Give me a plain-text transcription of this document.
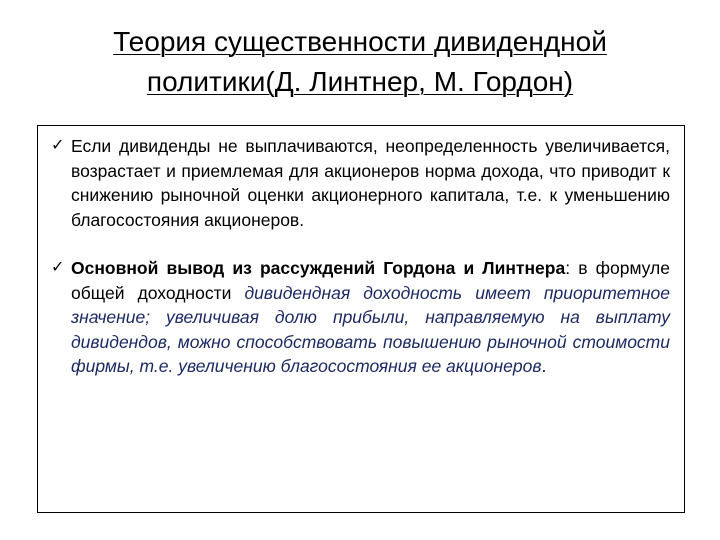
Теория существенности дивидендной
политики(Д. Линтнер, М. Гордон)
✓ Если дивиденды не выплачиваются, неопределенность увеличивается, возрастает и приемлемая для акционеров норма дохода, что приводит к снижению рыночной оценки акционерного капитала, т.е. к уменьшению благосостояния акционеров.
✓ Основной вывод из рассуждений Гордона и Линтнера: в формуле общей доходности дивидендная доходность имеет приоритетное значение; увеличивая долю прибыли, направляемую на выплату дивидендов, можно способствовать повышению рыночной стоимости фирмы, т.е. увеличению благосостояния ее акционеров.
